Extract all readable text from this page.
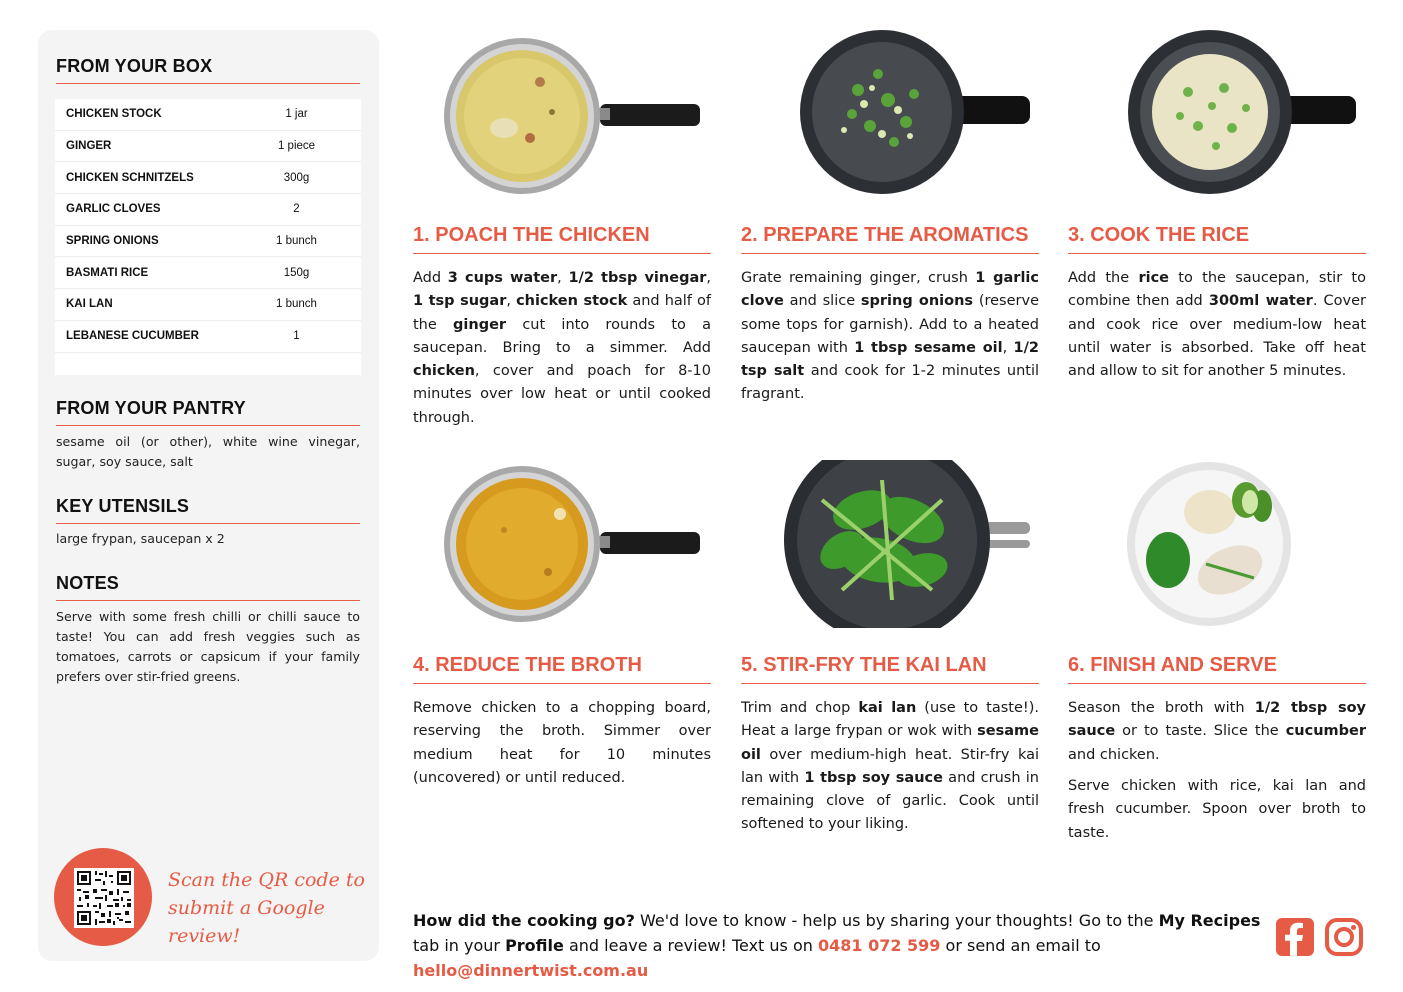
FROM YOUR BOX
CHICKEN STOCK	1 jar
GINGER	1 piece
CHICKEN SCHNITZELS	300g
GARLIC CLOVES	2
SPRING ONIONS	1 bunch
BASMATI RICE	150g
KAI LAN	1 bunch
LEBANESE CUCUMBER	1
FROM YOUR PANTRY
sesame oil (or other), white wine vinegar, sugar, soy sauce, salt
KEY UTENSILS
large frypan, saucepan x 2
NOTES
Serve with some fresh chilli or chilli sauce to taste! You can add fresh veggies such as tomatoes, carrots or capsicum if your family prefers over stir-fried greens.
Scan the QR code to
submit a Google review!
1. POACH THE CHICKEN
Add 3 cups water, 1/2 tbsp vinegar, 1 tsp sugar, chicken stock and half of the ginger cut into rounds to a saucepan. Bring to a simmer. Add chicken, cover and poach for 8-10 minutes over low heat or until cooked through.
2. PREPARE THE AROMATICS
Grate remaining ginger, crush 1 garlic clove and slice spring onions (reserve some tops for garnish). Add to a heated saucepan with 1 tbsp sesame oil, 1/2 tsp salt and cook for 1-2 minutes until fragrant.
3. COOK THE RICE
Add the rice to the saucepan, stir to combine then add 300ml water. Cover and cook rice over medium-low heat until water is absorbed. Take off heat and allow to sit for another 5 minutes.
4. REDUCE THE BROTH
Remove chicken to a chopping board, reserving the broth. Simmer over medium heat for 10 minutes (uncovered) or until reduced.
5. STIR-FRY THE KAI LAN
Trim and chop kai lan (use to taste!). Heat a large frypan or wok with sesame oil over medium-high heat. Stir-fry kai lan with 1 tbsp soy sauce and crush in remaining clove of garlic. Cook until softened to your liking.
6. FINISH AND SERVE
Season the broth with 1/2 tbsp soy sauce or to taste. Slice the cucumber and chicken.
Serve chicken with rice, kai lan and fresh cucumber. Spoon over broth to taste.
How did the cooking go? We'd love to know - help us by sharing your thoughts! Go to the My Recipes tab in your Profile and leave a review! Text us on 0481 072 599 or send an email to hello@dinnertwist.com.au
